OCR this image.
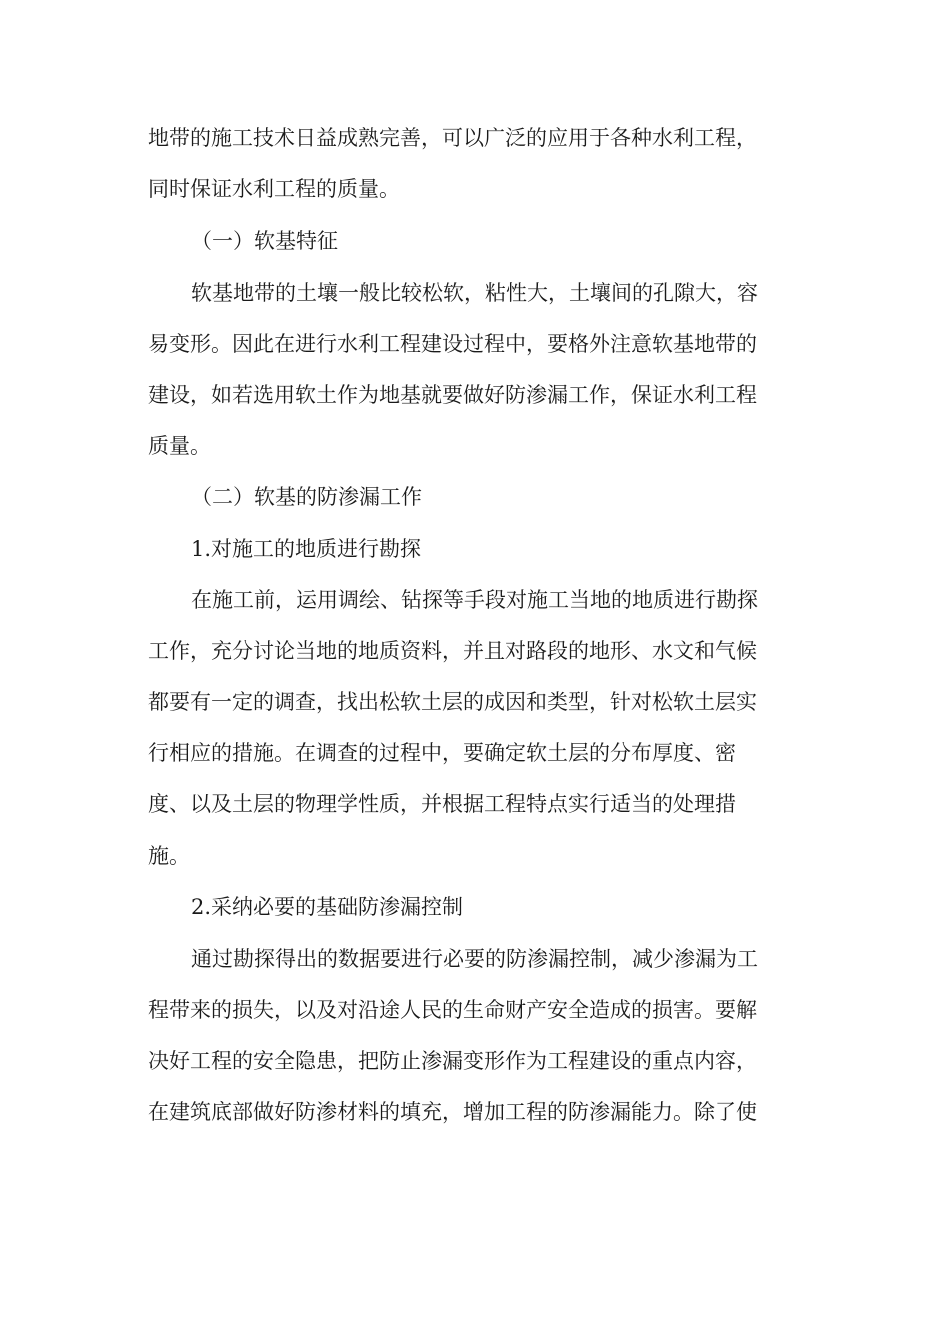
地带的施工技术日益成熟完善，可以广泛的应用于各种水利工程，
同时保证水利工程的质量。
（一）软基特征
软基地带的土壤一般比较松软，粘性大，土壤间的孔隙大，容
易变形。因此在进行水利工程建设过程中，要格外注意软基地带的
建设，如若选用软土作为地基就要做好防渗漏工作，保证水利工程
质量。
（二）软基的防渗漏工作
1.对施工的地质进行勘探
在施工前，运用调绘、钻探等手段对施工当地的地质进行勘探
工作，充分讨论当地的地质资料，并且对路段的地形、水文和气候
都要有一定的调查，找出松软土层的成因和类型，针对松软土层实
行相应的措施。在调查的过程中，要确定软土层的分布厚度、密
度、以及土层的物理学性质，并根据工程特点实行适当的处理措
施。
2.采纳必要的基础防渗漏控制
通过勘探得出的数据要进行必要的防渗漏控制，减少渗漏为工
程带来的损失，以及对沿途人民的生命财产安全造成的损害。要解
决好工程的安全隐患，把防止渗漏变形作为工程建设的重点内容，
在建筑底部做好防渗材料的填充，增加工程的防渗漏能力。除了使
